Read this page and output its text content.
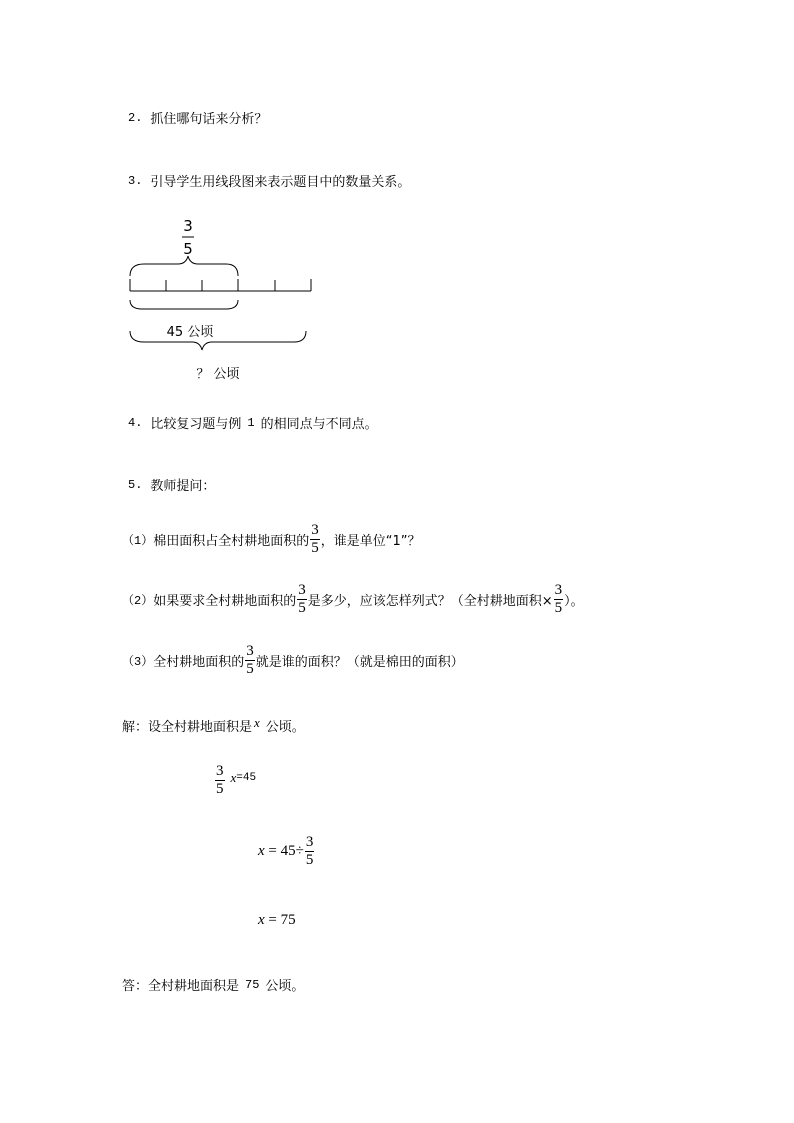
2. 抓住哪句话来分析？
3. 引导学生用线段图来表示题目中的数量关系。
3
5
45 公顷
？ 公顷
4. 比较复习题与例 1 的相同点与不同点。
5. 教师提问：
（1） 棉田面积占全村耕地面积的 $\frac{3}{5}$ ，谁是单位“1”？
（2） 如果要求全村耕地面积的 $\frac{3}{5}$ 是多少，应该怎样列式？（全村耕地面积× $\frac{3}{5}$ ）。
（3） 全村耕地面积的 $\frac{3}{5}$ 就是谁的面积？（就是棉田的面积）
解：设全村耕地面积是 x 公顷。
$\frac{3}{5}$ x =45
$x = 45\div \frac{3}{5}$
x = 75
答：全村耕地面积是 75 公顷。
